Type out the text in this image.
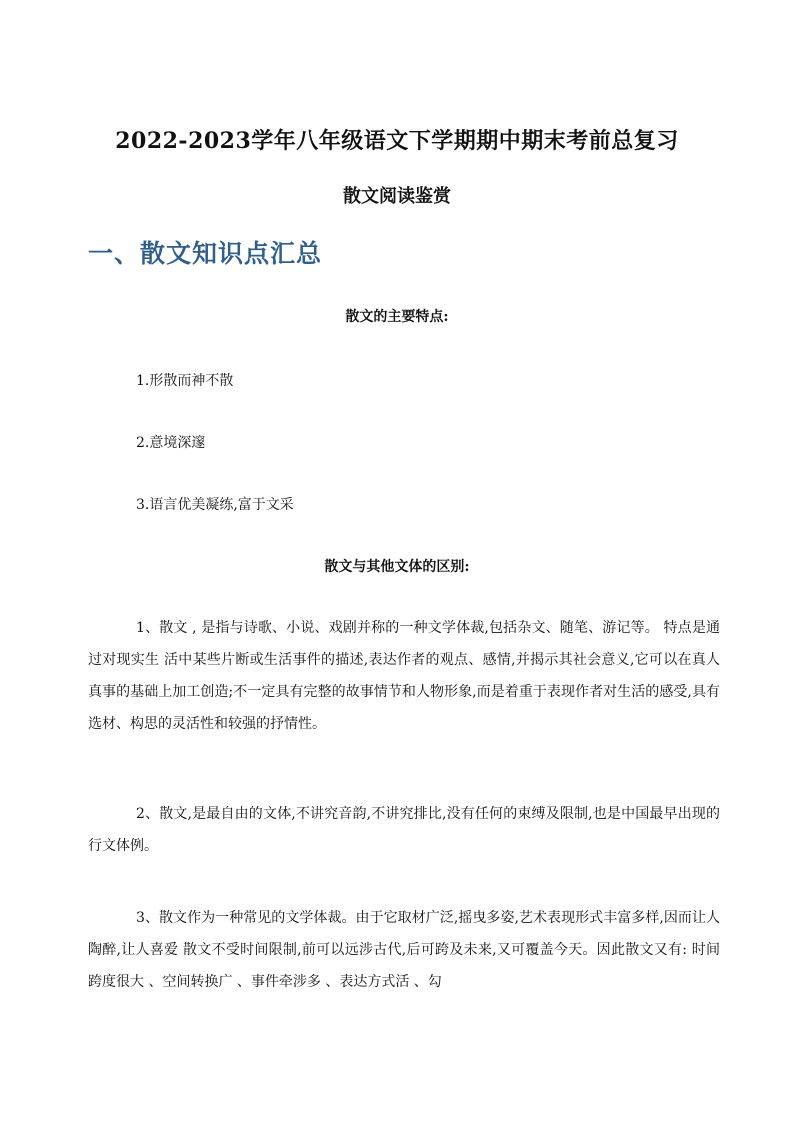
2022-2023学年八年级语文下学期期中期末考前总复习
散文阅读鉴赏
一、散文知识点汇总
散文的主要特点:
1.形散而神不散
2.意境深邃
3.语言优美凝练,富于文采
散文与其他文体的区别:

1、散文 , 是指与诗歌、小说、戏剧并称的一种文学体裁,包括杂文、随笔、游记等。 特点是通过对现实生 活中某些片断或生活事件的描述,表达作者的观点、感情,并揭示其社会意义,它可以在真人真事的基础上加工创造;不一定具有完整的故事情节和人物形象,而是着重于表现作者对生活的感受,具有选材、构思的灵活性和较强的抒情性。

2、散文,是最自由的文体,不讲究音韵,不讲究排比,没有任何的束缚及限制,也是中国最早出现的行文体例。

3、散文作为一种常见的文学体裁。由于它取材广泛,摇曳多姿,艺术表现形式丰富多样,因而让人陶醉,让人喜爱 散文不受时间限制,前可以远涉古代,后可跨及未来,又可覆盖今天。因此散文又有: 时间跨度很大 、空间转换广 、事件牵涉多 、表达方式活 、勾
